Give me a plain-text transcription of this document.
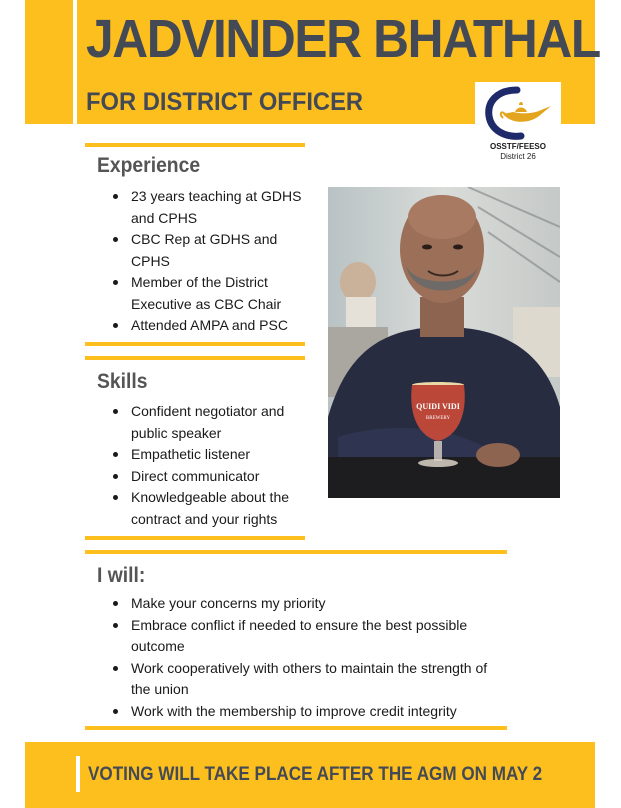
JADVINDER BHATHAL
FOR DISTRICT OFFICER
OSSTF/FEESO
District 26
Experience
23 years teaching at GDHS and CPHS
CBC Rep at GDHS and CPHS
Member of the District Executive as CBC Chair
Attended AMPA and PSC
Skills
Confident negotiator and public speaker
Empathetic listener
Direct communicator
Knowledgeable about the contract and your rights
QUIDI VIDI
BREWERY
I will:
Make your concerns my priority
Embrace conflict if needed to ensure the best possible outcome
Work cooperatively with others to maintain the strength of the union
Work with the membership to improve credit integrity
VOTING WILL TAKE PLACE AFTER THE AGM ON MAY 2
